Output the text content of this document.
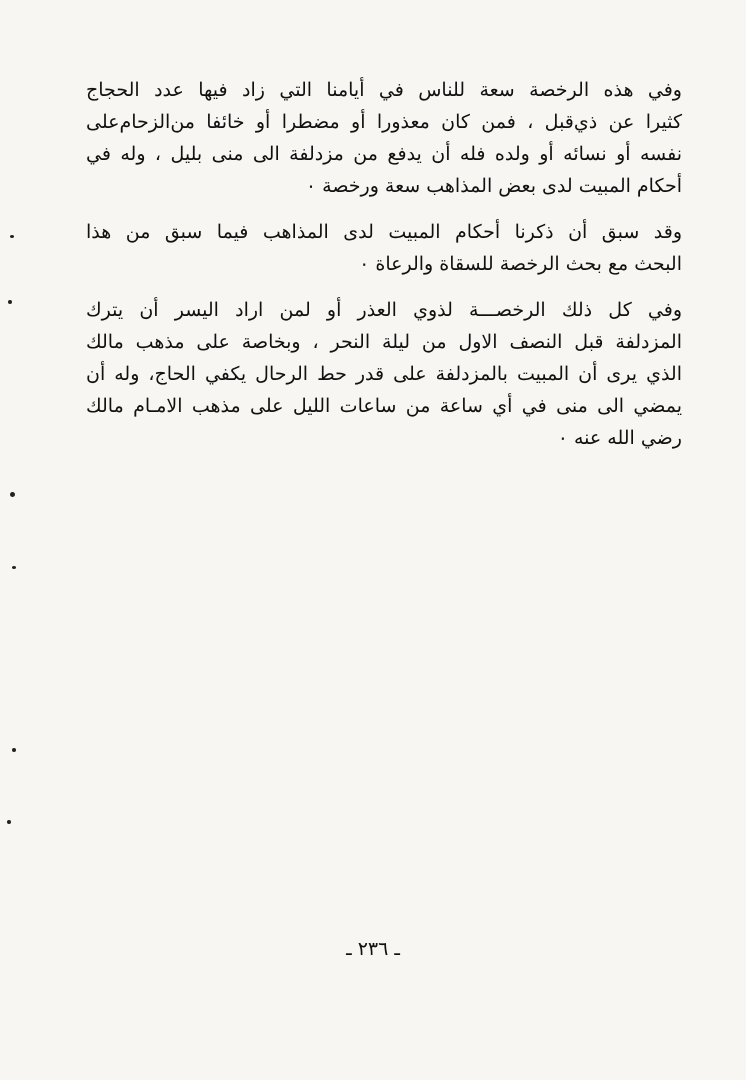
وفي هذه الرخصة سعة للناس في أيامنا التي زاد فيها عدد الحجاج
كثيرا عن ذي‌قبل ، فمن كان معذورا أو مضطرا أو خائفا من‌الزحام‌على
نفسه أو نسائه أو ولده فله أن يدفع من مزدلفة الى منى بليل ، وله في
أحكام المبيت لدى بعض المذاهب سعة ورخصة ٠
وقد سبق أن ذكرنا أحكام المبيت لدى المذاهب فيما سبق من هذا
البحث مع بحث الرخصة للسقاة والرعاة ٠
وفي كل ذلك الرخصـــة لذوي العذر أو لمن اراد اليسر أن يترك
المزدلفة قبل النصف الاول من ليلة النحر ، وبخاصة على مذهب مالك
الذي يرى أن المبيت بالمزدلفة على قدر حط الرحال يكفي الحاج، وله أن
يمضي الى منى في أي ساعة من ساعات الليل على مذهب الامـام مالك
رضي الله عنه ٠
ـ ٢٣٦ ـ
